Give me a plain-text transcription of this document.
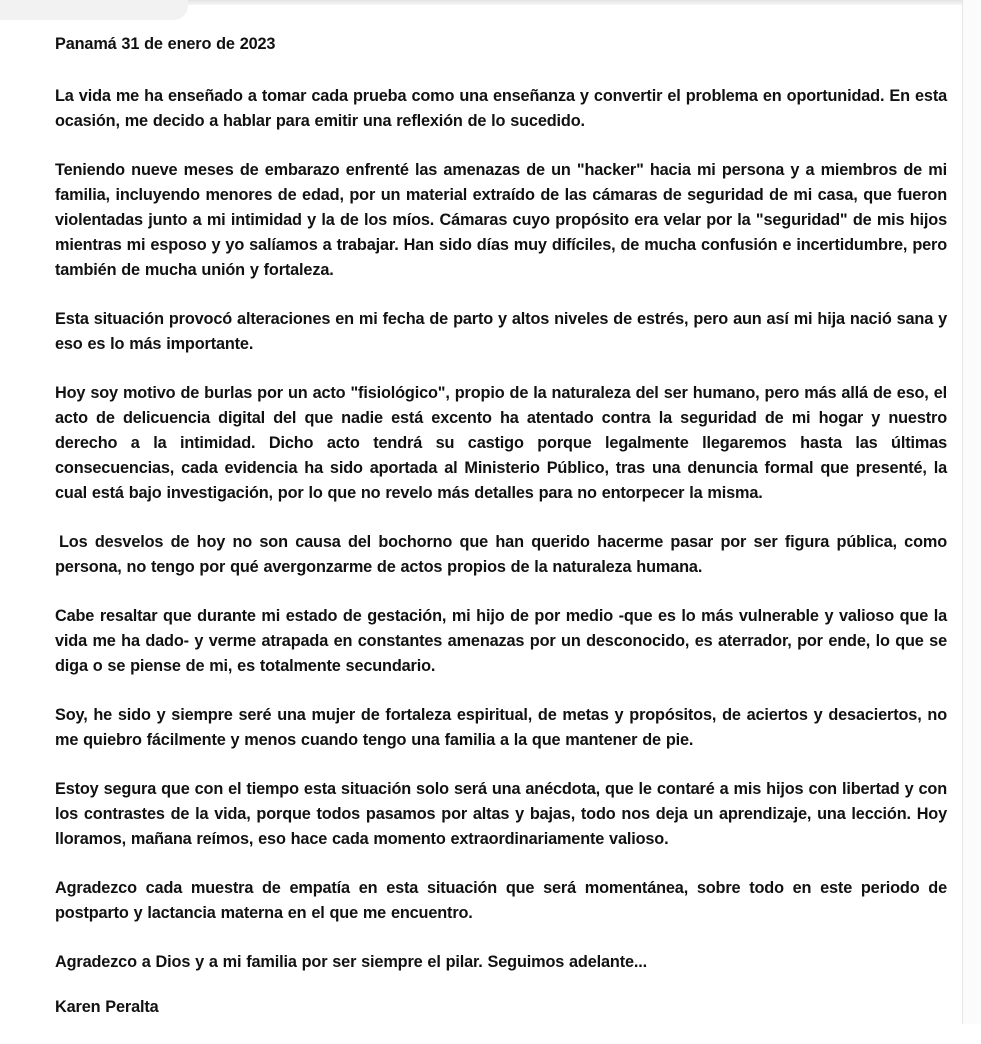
Panamá 31 de enero de 2023

La vida me ha enseñado a tomar cada prueba como una enseñanza y convertir el problema en oportunidad. En esta ocasión, me decido a hablar para emitir una reflexión de lo sucedido.

Teniendo nueve meses de embarazo enfrenté las amenazas de un "hacker" hacia mi persona y a miembros de mi familia, incluyendo menores de edad, por un material extraído de las cámaras de seguridad de mi casa, que fueron violentadas junto a mi intimidad y la de los míos. Cámaras cuyo propósito era velar por la "seguridad" de mis hijos mientras mi esposo y yo salíamos a trabajar. Han sido días muy difíciles, de mucha confusión e incertidumbre, pero también de mucha unión y fortaleza.

Esta situación provocó alteraciones en mi fecha de parto y altos niveles de estrés, pero aun así mi hija nació sana y eso es lo más importante.

Hoy soy motivo de burlas por un acto "fisiológico", propio de la naturaleza del ser humano, pero más allá de eso, el acto de delicuencia digital del que nadie está excento ha atentado contra la seguridad de mi hogar y nuestro derecho a la intimidad. Dicho acto tendrá su castigo porque legalmente llegaremos hasta las últimas consecuencias, cada evidencia ha sido aportada al Ministerio Público, tras una denuncia formal que presenté, la cual está bajo investigación, por lo que no revelo más detalles para no entorpecer la misma.

Los desvelos de hoy no son causa del bochorno que han querido hacerme pasar por ser figura pública, como persona, no tengo por qué avergonzarme de actos propios de la naturaleza humana.

Cabe resaltar que durante mi estado de gestación, mi hijo de por medio -que es lo más vulnerable y valioso que la vida me ha dado- y verme atrapada en constantes amenazas por un desconocido, es aterrador, por ende, lo que se diga o se piense de mi, es totalmente secundario.

Soy, he sido y siempre seré una mujer de fortaleza espiritual, de metas y propósitos, de aciertos y desaciertos, no me quiebro fácilmente y menos cuando tengo una familia a la que mantener de pie.

Estoy segura que con el tiempo esta situación solo será una anécdota, que le contaré a mis hijos con libertad y con los contrastes de la vida, porque todos pasamos por altas y bajas, todo nos deja un aprendizaje, una lección. Hoy lloramos, mañana reímos, eso hace cada momento extraordinariamente valioso.

Agradezco cada muestra de empatía en esta situación que será momentánea, sobre todo en este periodo de postparto y lactancia materna en el que me encuentro.

Agradezco a Dios y a mi familia por ser siempre el pilar. Seguimos adelante...

Karen Peralta
